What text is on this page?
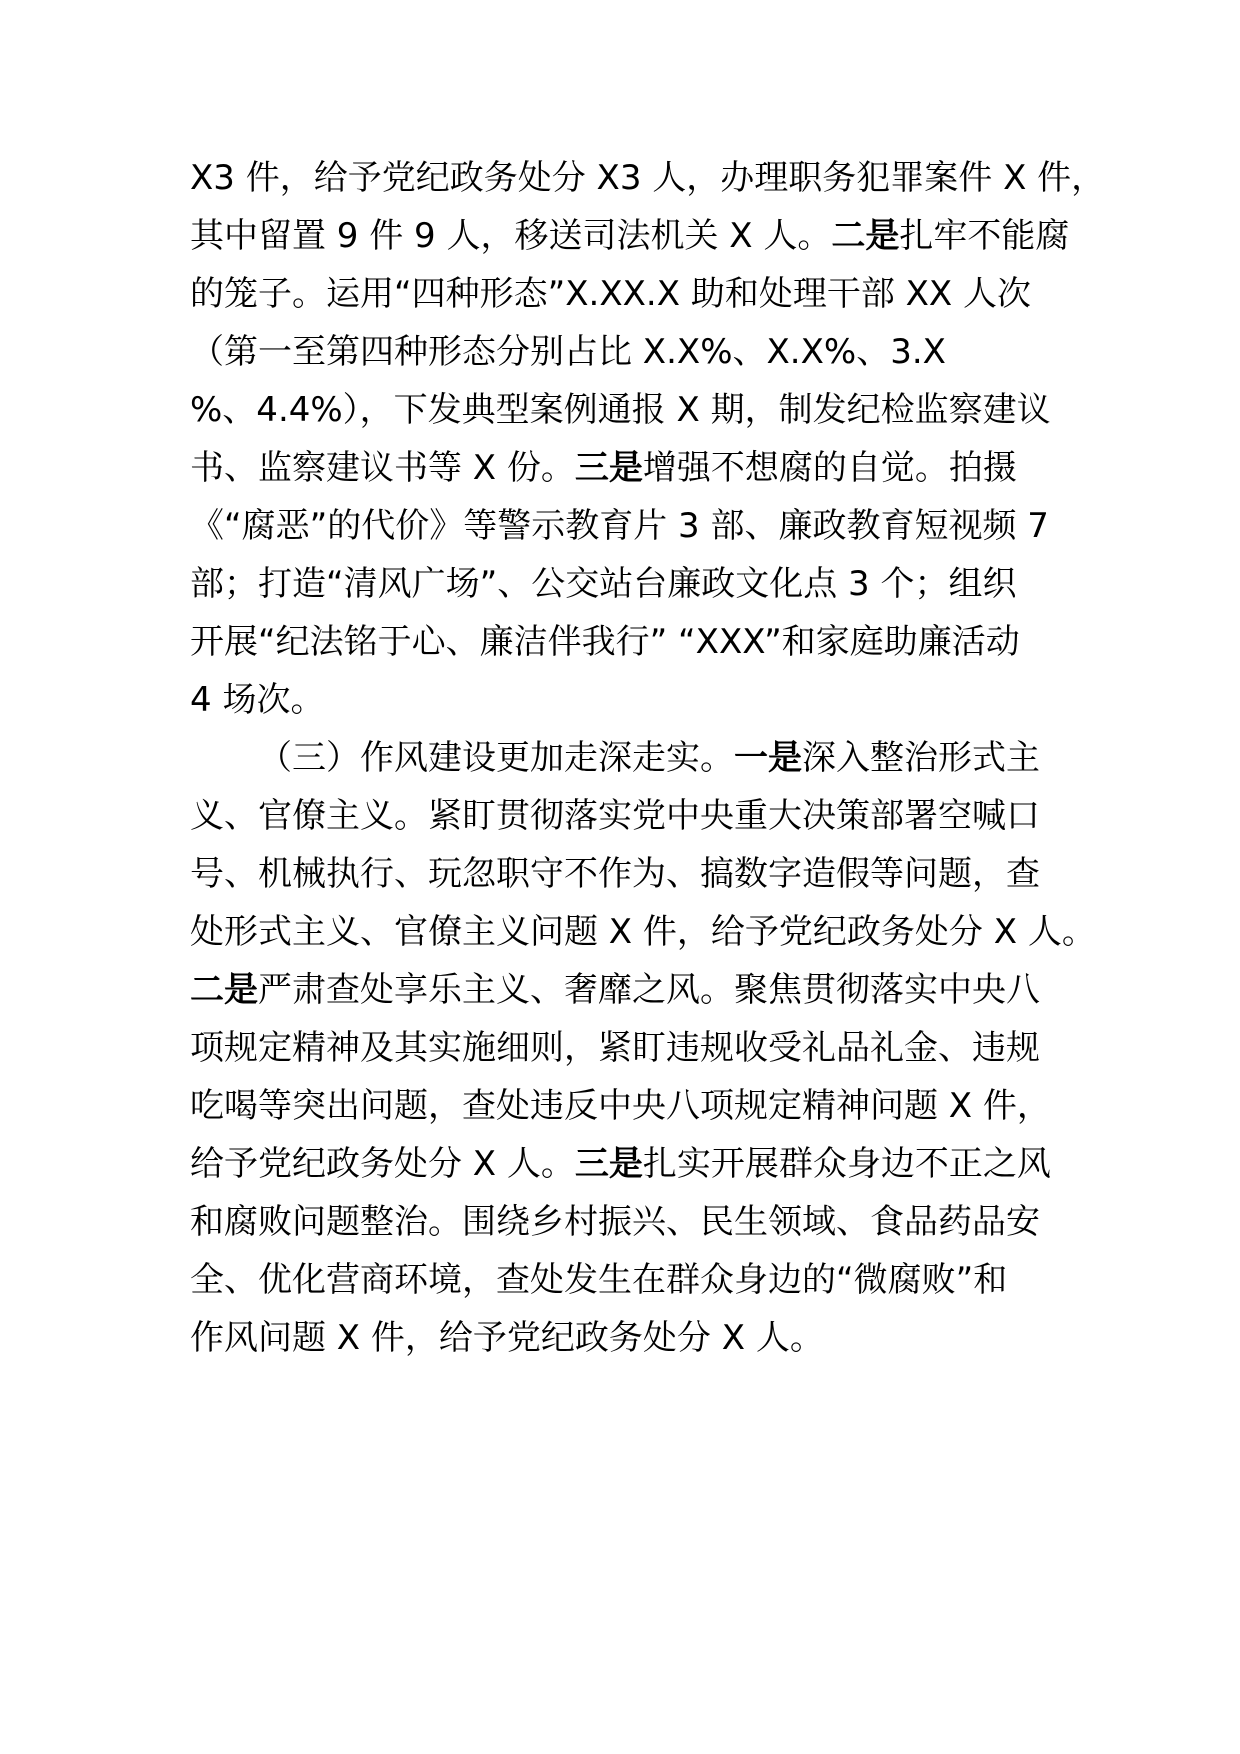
X3 件，给予党纪政务处分 X3 人，办理职务犯罪案件 X 件，
其中留置 9 件 9 人，移送司法机关 X 人。二是扎牢不能腐
的笼子。运用“四种形态”X.XX.X 助和处理干部 XX 人次
（第一至第四种形态分别占比 X.X%、X.X%、3.X
%、4.4%），下发典型案例通报 X 期，制发纪检监察建议
书、监察建议书等 X 份。三是增强不想腐的自觉。拍摄
《“腐恶”的代价》等警示教育片 3 部、廉政教育短视频 7
部；打造“清风广场”、公交站台廉政文化点 3 个；组织
开展“纪法铭于心、廉洁伴我行” “XXX”和家庭助廉活动
4 场次。
（三）作风建设更加走深走实。一是深入整治形式主
义、官僚主义。紧盯贯彻落实党中央重大决策部署空喊口
号、机械执行、玩忽职守不作为、搞数字造假等问题，查
处形式主义、官僚主义问题 X 件，给予党纪政务处分 X 人。
二是严肃查处享乐主义、奢靡之风。聚焦贯彻落实中央八
项规定精神及其实施细则，紧盯违规收受礼品礼金、违规
吃喝等突出问题，查处违反中央八项规定精神问题 X 件，
给予党纪政务处分 X 人。三是扎实开展群众身边不正之风
和腐败问题整治。围绕乡村振兴、民生领域、食品药品安
全、优化营商环境，查处发生在群众身边的“微腐败”和
作风问题 X 件，给予党纪政务处分 X 人。
